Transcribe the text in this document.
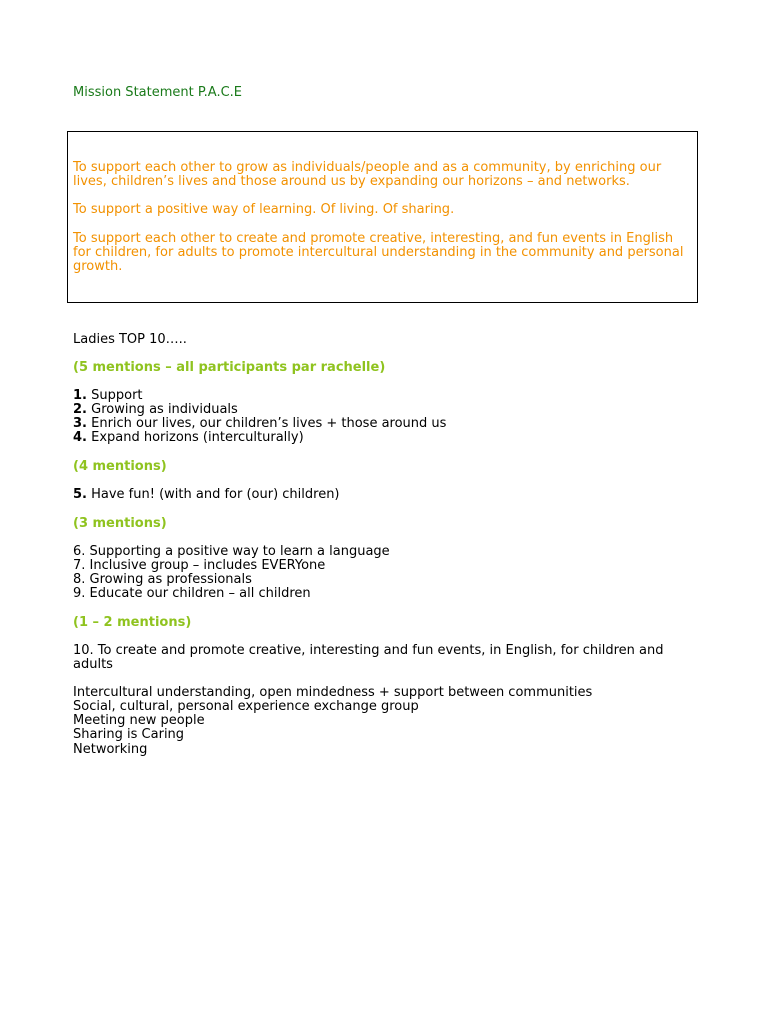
Mission Statement P.A.C.E

To support each other to grow as individuals/people and as a community, by enriching our lives, children’s lives and those around us by expanding our horizons – and networks.

To support a positive way of learning. Of living. Of sharing.

To support each other to create and promote creative, interesting, and fun events in English for children, for adults to promote intercultural understanding in the community and personal growth.

Ladies TOP 10…..

(5 mentions – all participants par rachelle)

1. Support

2. Growing as individuals

3. Enrich our lives, our children’s lives + those around us

4. Expand horizons (interculturally)

(4 mentions)

5. Have fun! (with and for (our) children)

(3 mentions)

6. Supporting a positive way to learn a language

7. Inclusive group – includes EVERYone

8. Growing as professionals

9. Educate our children – all children

(1 – 2 mentions)

10. To create and promote creative, interesting and fun events, in English, for children and adults

Intercultural understanding, open mindedness + support between communities

Social, cultural, personal experience exchange group

Meeting new people

Sharing is Caring

Networking
